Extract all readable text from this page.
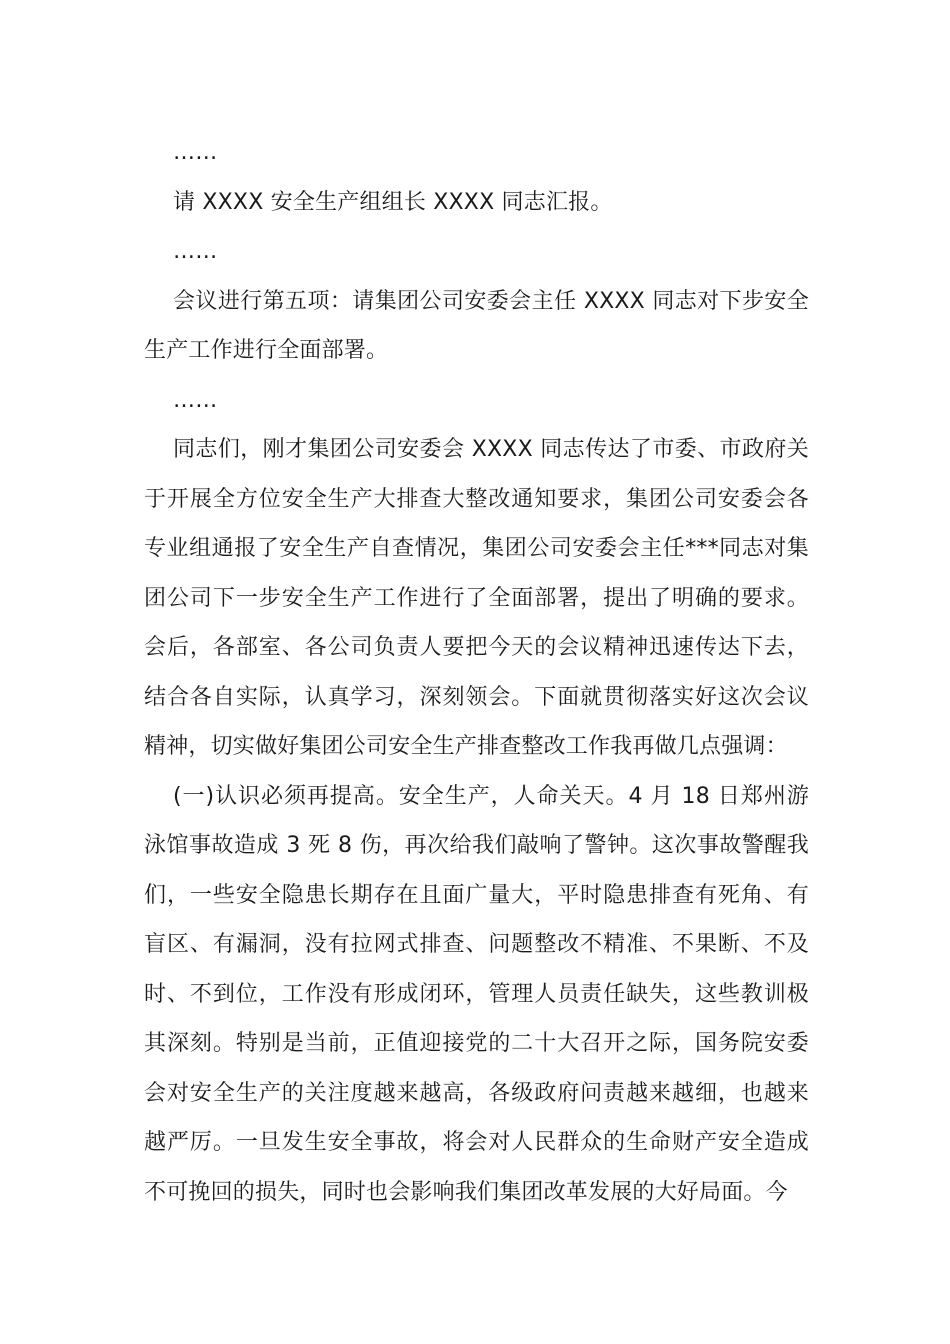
……

请 XXXX 安全生产组组长 XXXX 同志汇报。

……

会议进行第五项：请集团公司安委会主任 XXXX 同志对下步安全生产工作进行全面部署。

……

同志们，刚才集团公司安委会 XXXX 同志传达了市委、市政府关于开展全方位安全生产大排查大整改通知要求，集团公司安委会各专业组通报了安全生产自查情况，集团公司安委会主任***同志对集团公司下一步安全生产工作进行了全面部署，提出了明确的要求。会后，各部室、各公司负责人要把今天的会议精神迅速传达下去，结合各自实际，认真学习，深刻领会。下面就贯彻落实好这次会议精神，切实做好集团公司安全生产排查整改工作我再做几点强调：

(一)认识必须再提高。安全生产，人命关天。4 月 18 日郑州游泳馆事故造成 3 死 8 伤，再次给我们敲响了警钟。这次事故警醒我们，一些安全隐患长期存在且面广量大，平时隐患排查有死角、有盲区、有漏洞，没有拉网式排查、问题整改不精准、不果断、不及时、不到位，工作没有形成闭环，管理人员责任缺失，这些教训极其深刻。特别是当前，正值迎接党的二十大召开之际，国务院安委会对安全生产的关注度越来越高，各级政府问责越来越细，也越来越严厉。一旦发生安全事故，将会对人民群众的生命财产安全造成不可挽回的损失，同时也会影响我们集团改革发展的大好局面。今
